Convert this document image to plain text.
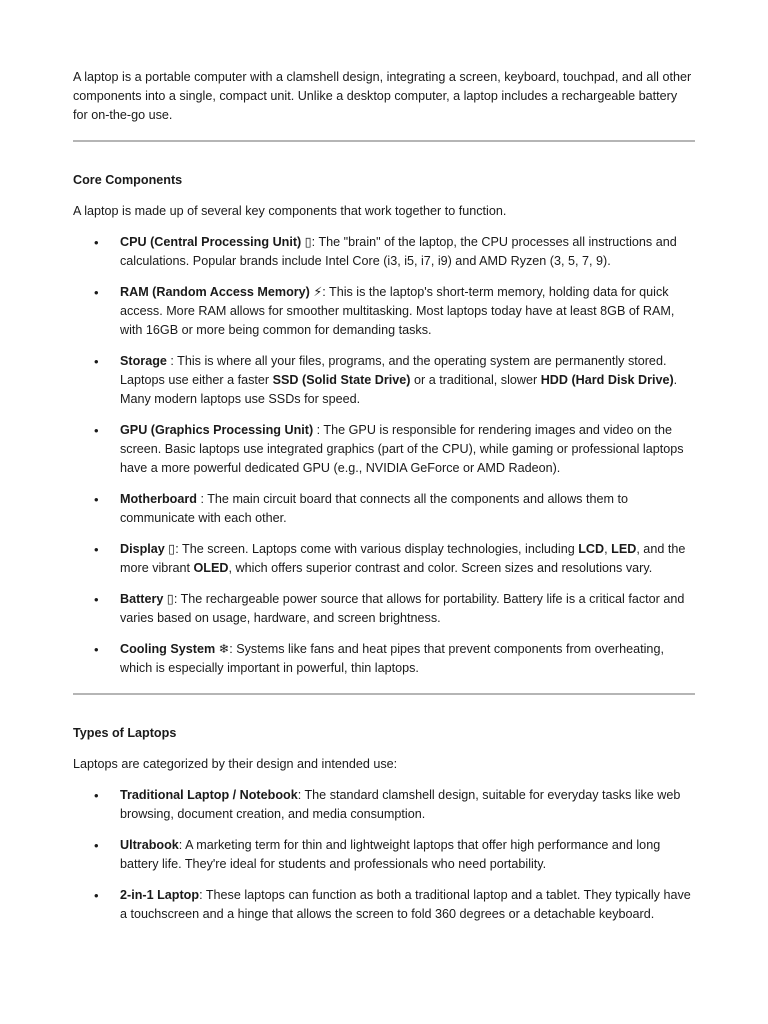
A laptop is a portable computer with a clamshell design, integrating a screen, keyboard, touchpad, and all other components into a single, compact unit. Unlike a desktop computer, a laptop includes a rechargeable battery for on-the-go use.

Core Components

A laptop is made up of several key components that work together to function.

• CPU (Central Processing Unit) ▯: The "brain" of the laptop, the CPU processes all instructions and calculations. Popular brands include Intel Core (i3, i5, i7, i9) and AMD Ryzen (3, 5, 7, 9).
• RAM (Random Access Memory) ⚡: This is the laptop's short-term memory, holding data for quick access. More RAM allows for smoother multitasking. Most laptops today have at least 8GB of RAM, with 16GB or more being common for demanding tasks.
• Storage : This is where all your files, programs, and the operating system are permanently stored. Laptops use either a faster SSD (Solid State Drive) or a traditional, slower HDD (Hard Disk Drive). Many modern laptops use SSDs for speed.
• GPU (Graphics Processing Unit) : The GPU is responsible for rendering images and video on the screen. Basic laptops use integrated graphics (part of the CPU), while gaming or professional laptops have a more powerful dedicated GPU (e.g., NVIDIA GeForce or AMD Radeon).
• Motherboard : The main circuit board that connects all the components and allows them to communicate with each other.
• Display ▯: The screen. Laptops come with various display technologies, including LCD, LED, and the more vibrant OLED, which offers superior contrast and color. Screen sizes and resolutions vary.
• Battery ▯: The rechargeable power source that allows for portability. Battery life is a critical factor and varies based on usage, hardware, and screen brightness.
• Cooling System ❄: Systems like fans and heat pipes that prevent components from overheating, which is especially important in powerful, thin laptops.
Types of Laptops

Laptops are categorized by their design and intended use:

• Traditional Laptop / Notebook: The standard clamshell design, suitable for everyday tasks like web browsing, document creation, and media consumption.
• Ultrabook: A marketing term for thin and lightweight laptops that offer high performance and long battery life. They're ideal for students and professionals who need portability.
• 2-in-1 Laptop: These laptops can function as both a traditional laptop and a tablet. They typically have a touchscreen and a hinge that allows the screen to fold 360 degrees or a detachable keyboard.
